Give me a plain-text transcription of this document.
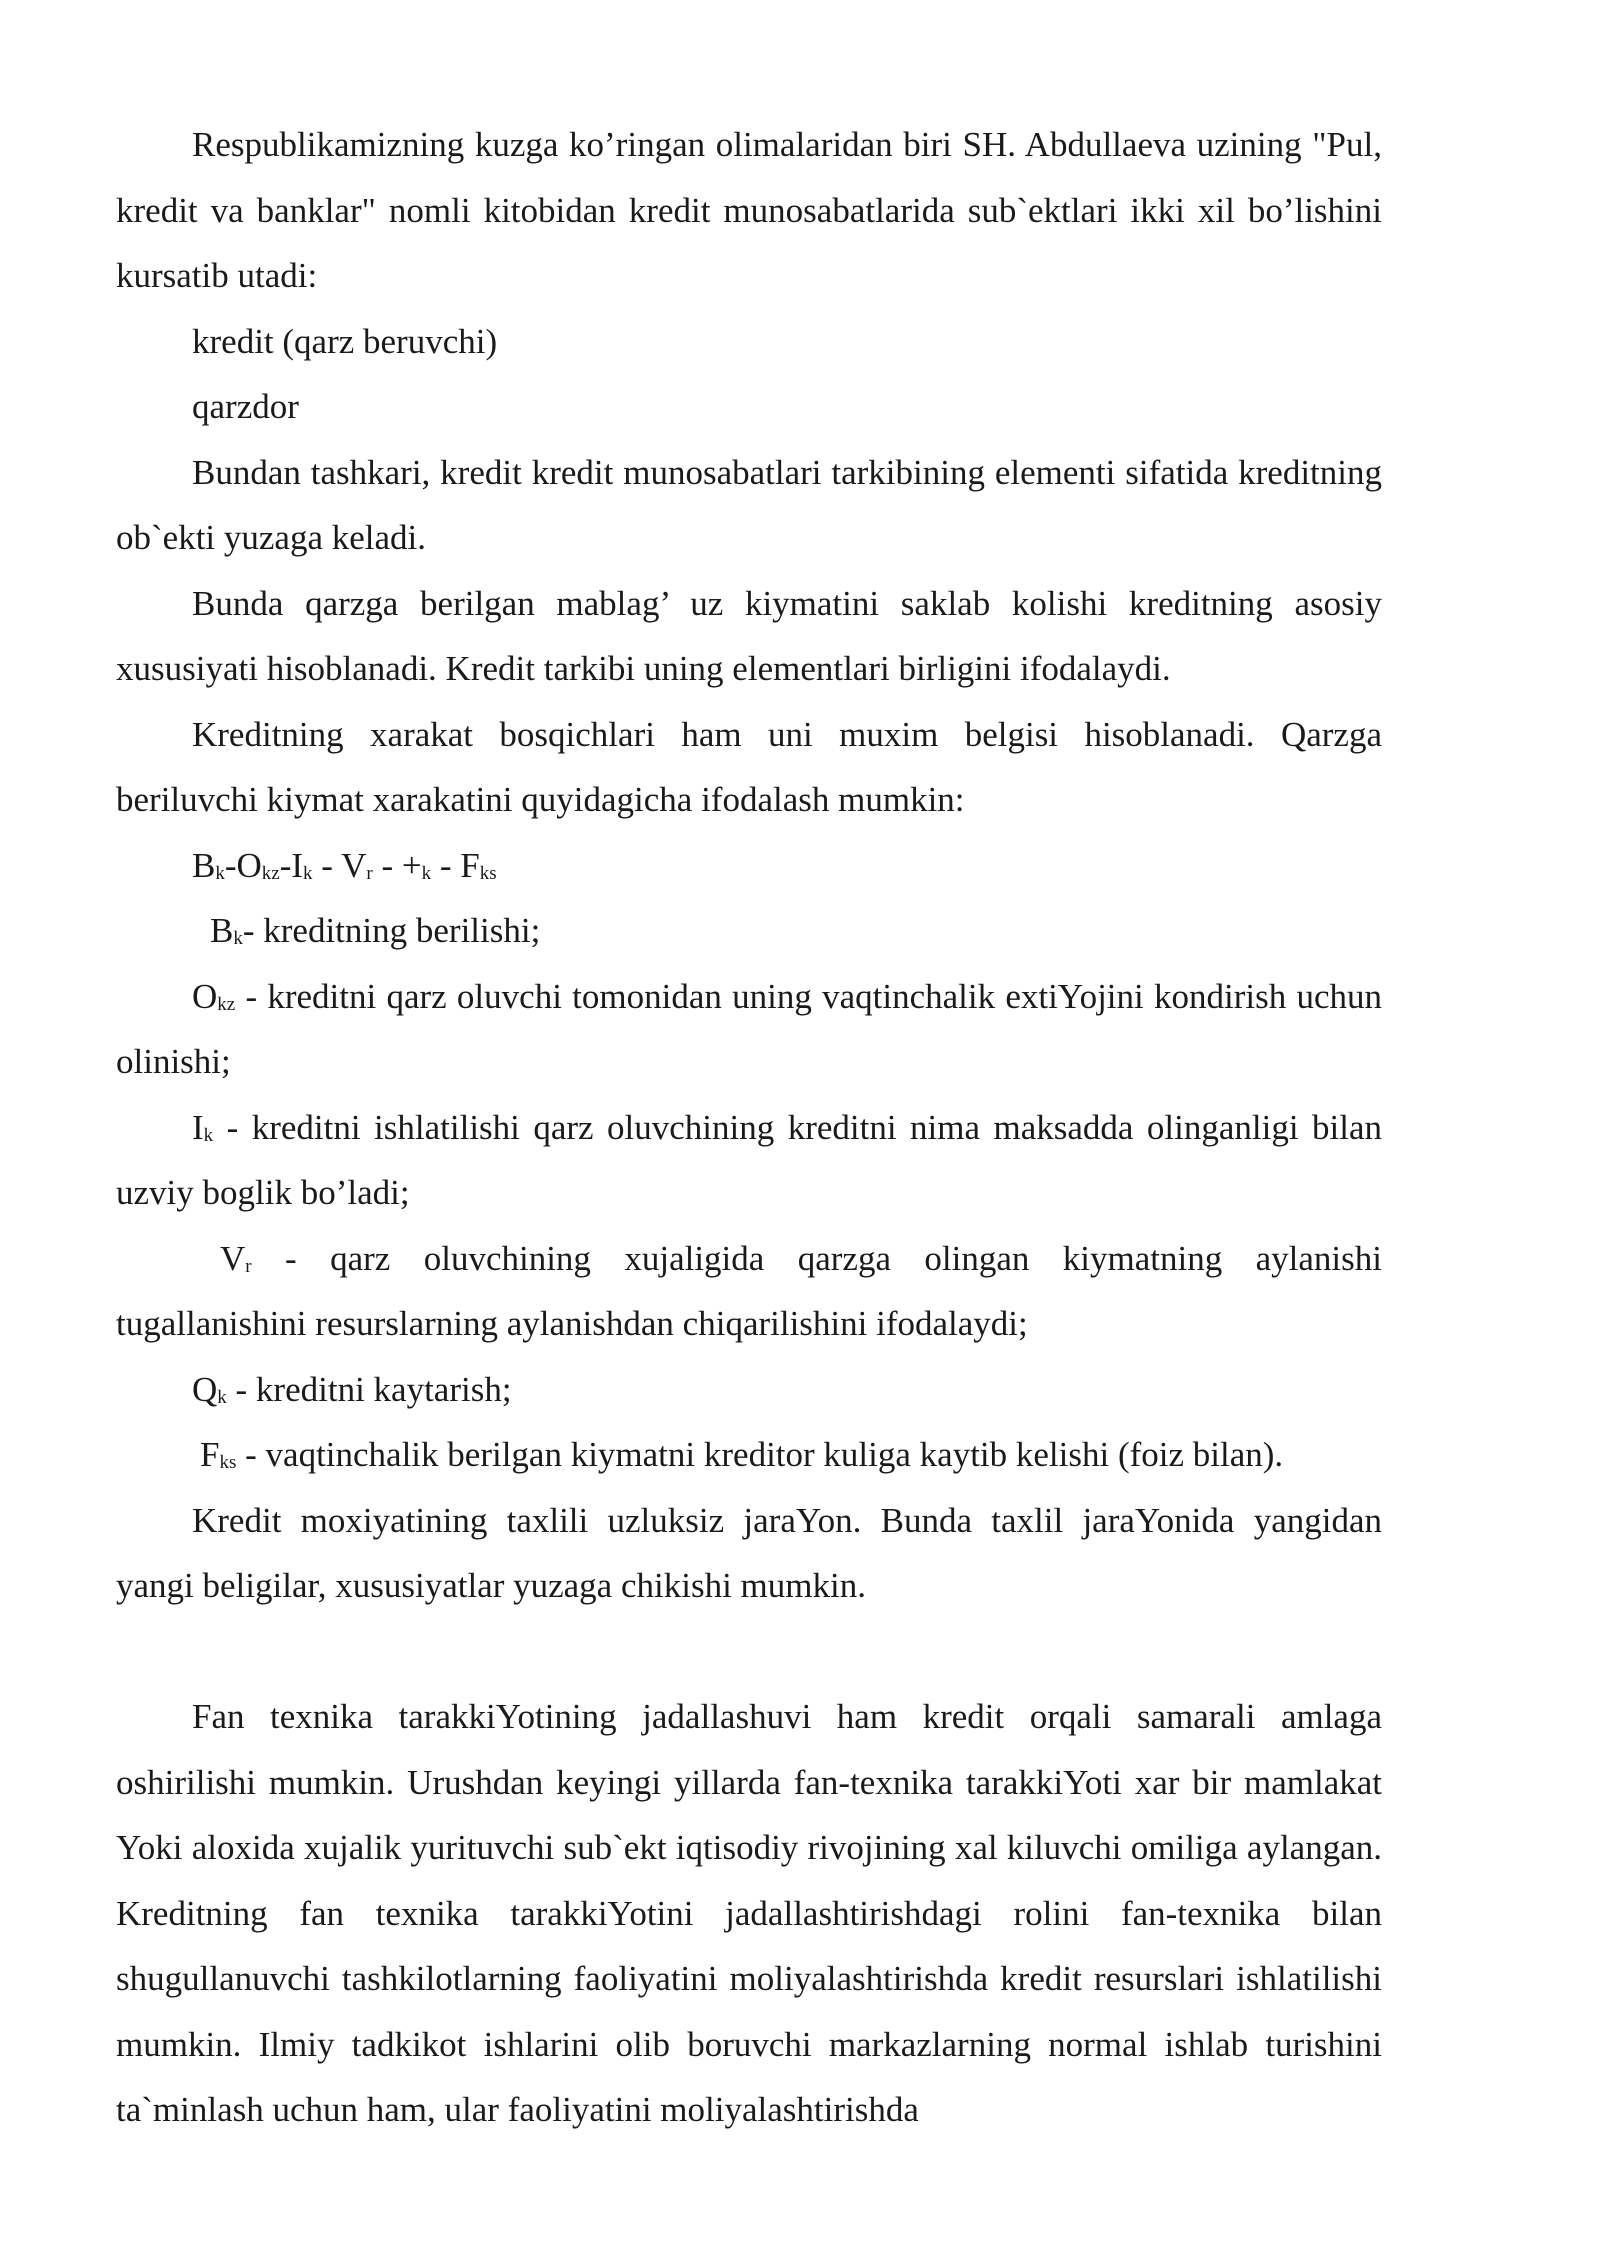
Respublikamizning kuzga ko’ringan olimalaridan biri SH. Abdullaeva uzining "Pul, kredit va banklar" nomli kitobidan kredit munosabatlarida sub`ektlari ikki xil bo’lishini kursatib utadi:

kredit (qarz beruvchi)

qarzdor

Bundan tashkari, kredit kredit munosabatlari tarkibining elementi sifatida kreditning ob`ekti yuzaga keladi.

Bunda qarzga berilgan mablag’ uz kiymatini saklab kolishi kreditning asosiy xususiyati hisoblanadi. Kredit tarkibi uning elementlari birligini ifodalaydi.

Kreditning xarakat bosqichlari ham uni muxim belgisi hisoblanadi. Qarzga beriluvchi kiymat xarakatini quyidagicha ifodalash mumkin:

Bk-Okz-Ik - Vr - +k - Fks

Bk- kreditning berilishi;

Okz - kreditni qarz oluvchi tomonidan uning vaqtinchalik extiYojini kondirish uchun olinishi;

Ik - kreditni ishlatilishi qarz oluvchining kreditni nima maksadda olinganligi bilan uzviy boglik bo’ladi;

Vr - qarz oluvchining xujaligida qarzga olingan kiymatning aylanishi tugallanishini resurslarning aylanishdan chiqarilishini ifodalaydi;

Qk - kreditni kaytarish;

Fks - vaqtinchalik berilgan kiymatni kreditor kuliga kaytib kelishi (foiz bilan).

Kredit moxiyatining taxlili uzluksiz jaraYon. Bunda taxlil jaraYonida yangidan yangi beligilar, xususiyatlar yuzaga chikishi mumkin.

Fan texnika tarakkiYotining jadallashuvi ham kredit orqali samarali amlaga oshirilishi mumkin. Urushdan keyingi yillarda fan-texnika tarakkiYoti xar bir mamlakat Yoki aloxida xujalik yurituvchi sub`ekt iqtisodiy rivojining xal kiluvchi omiliga aylangan. Kreditning fan texnika tarakkiYotini jadallashtirishdagi rolini fan-texnika bilan shugullanuvchi tashkilotlarning faoliyatini moliyalashtirishda kredit resurslari ishlatilishi mumkin. Ilmiy tadkikot ishlarini olib boruvchi markazlarning normal ishlab turishini ta`minlash uchun ham, ular faoliyatini moliyalashtirishda
